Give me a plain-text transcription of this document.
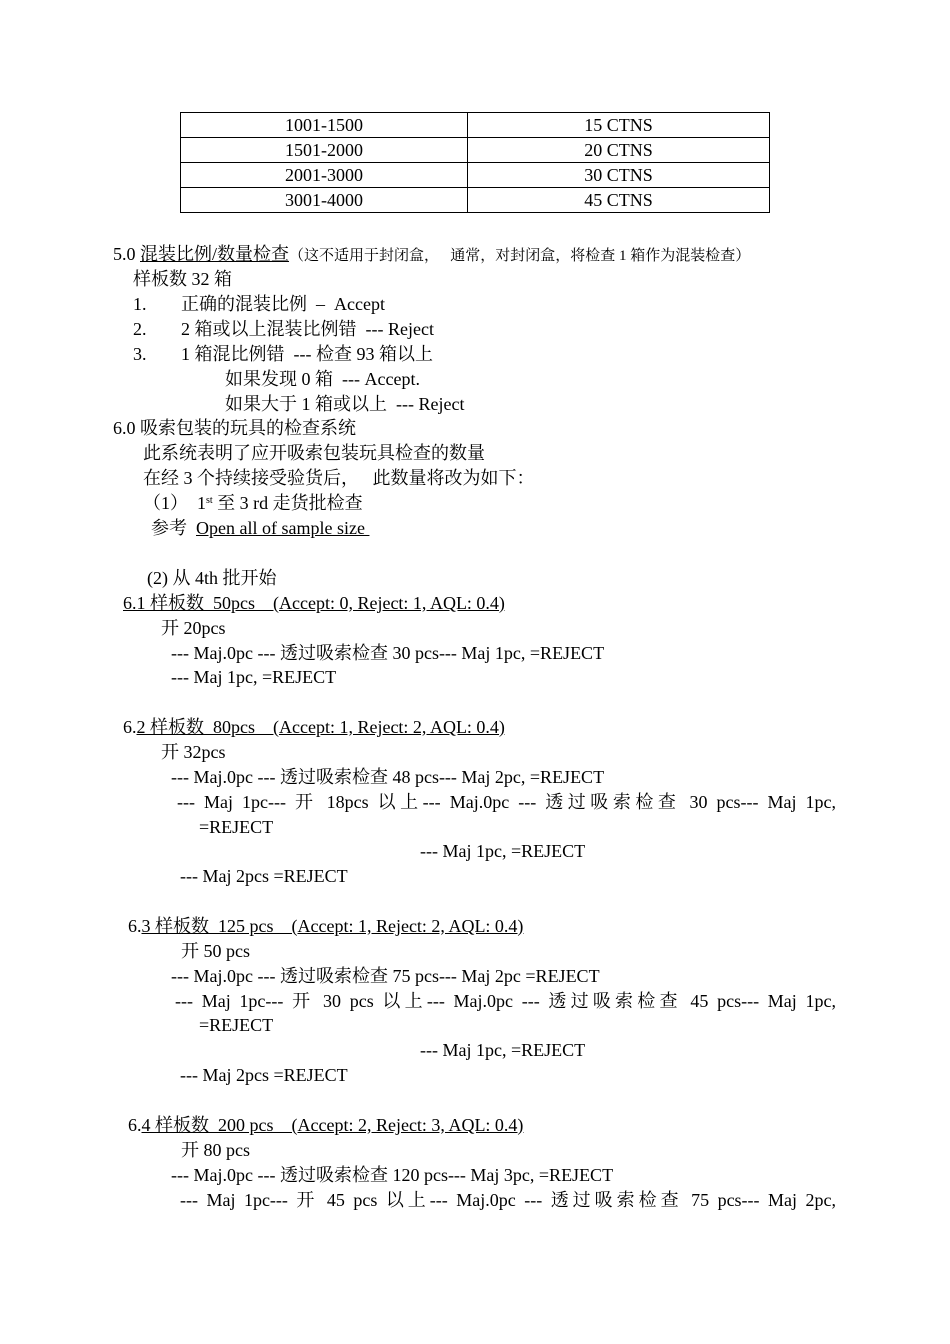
1001-1500	15 CTNS
1501-2000	20 CTNS
2001-3000	30 CTNS
3001-4000	45 CTNS
5.0 混装比例/数量检查（这不适用于封闭盒，   通常，对封闭盒，将检查 1 箱作为混装检查）
样板数 32 箱
1. 正确的混装比例  –  Accept
2. 2 箱或以上混装比例错  --- Reject
3. 1 箱混比例错  --- 检查 93 箱以上
如果发现 0 箱  --- Accept.
如果大于 1 箱或以上  --- Reject
6.0 吸索包装的玩具的检查系统
此系统表明了应开吸索包装玩具检查的数量
在经 3 个持续接受验货后，   此数量将改为如下：
（1）  1st 至 3 rd 走货批检查
参考  Open all of sample size
(2) 从 4th 批开始
6.1 样板数  50pcs    (Accept: 0, Reject: 1, AQL: 0.4)
开 20pcs
--- Maj.0pc --- 透过吸索检查 30 pcs--- Maj 1pc, =REJECT
--- Maj 1pc, =REJECT
6.2 样板数  80pcs    (Accept: 1, Reject: 2, AQL: 0.4)
开 32pcs
--- Maj.0pc --- 透过吸索检查 48 pcs--- Maj 2pc, =REJECT
--- Maj 1pc--- 开 18pcs 以上--- Maj.0pc --- 透过吸索检查 30 pcs--- Maj 1pc,
=REJECT
--- Maj 1pc, =REJECT
--- Maj 2pcs =REJECT
6.3 样板数  125 pcs    (Accept: 1, Reject: 2, AQL: 0.4)
开 50 pcs
--- Maj.0pc --- 透过吸索检查 75 pcs--- Maj 2pc =REJECT
--- Maj 1pc--- 开 30 pcs 以上--- Maj.0pc --- 透过吸索检查 45 pcs--- Maj 1pc,
=REJECT
--- Maj 1pc, =REJECT
--- Maj 2pcs =REJECT
6.4 样板数  200 pcs    (Accept: 2, Reject: 3, AQL: 0.4)
开 80 pcs
--- Maj.0pc --- 透过吸索检查 120 pcs--- Maj 3pc, =REJECT
--- Maj 1pc--- 开 45 pcs 以上--- Maj.0pc --- 透过吸索检查 75 pcs--- Maj 2pc,
